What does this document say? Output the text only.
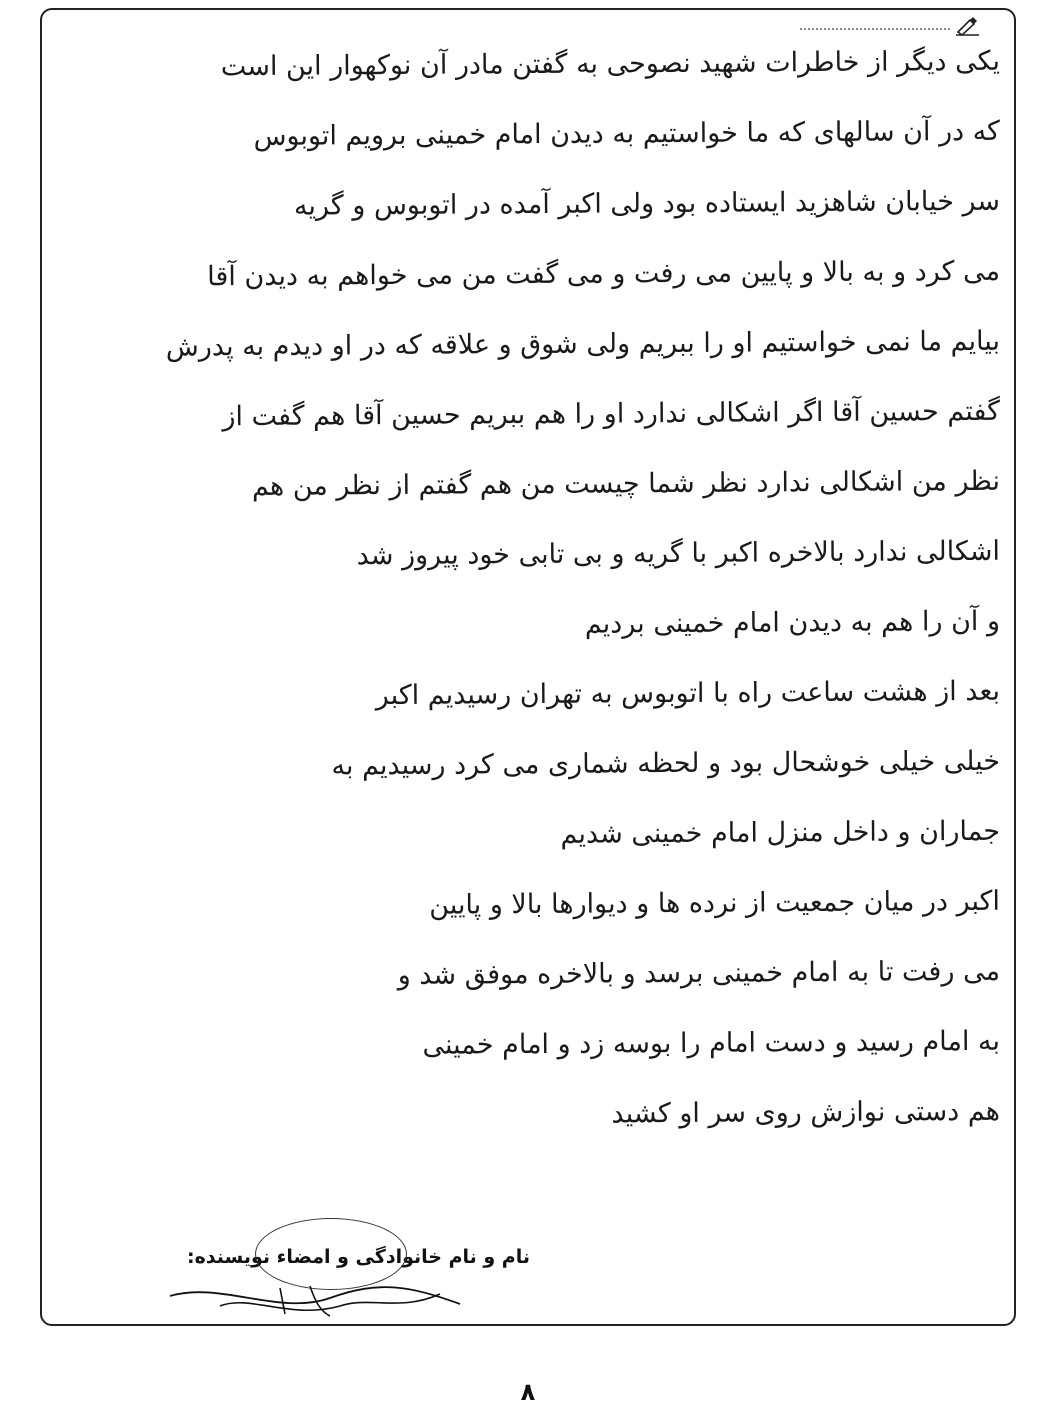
یکی دیگر از خاطرات شهید نصوحی به گفتن مادر آن نوکهوار این است
که در آن سالهای که ما خواستیم به دیدن امام خمینی برویم اتوبوس
سر خیابان شاهزید ایستاده بود ولی اکبر آمده در اتوبوس و گریه
می کرد و به بالا و پایین می رفت و می گفت من می خواهم به دیدن آقا
بیایم ما نمی خواستیم او را ببریم ولی شوق و علاقه که در او دیدم به پدرش
گفتم حسین آقا اگر اشکالی ندارد او را هم ببریم حسین آقا هم گفت از
نظر من اشکالی ندارد نظر شما چیست من هم گفتم از نظر من هم
اشکالی ندارد بالاخره اکبر با گریه و بی تابی خود پیروز شد
و آن را هم به دیدن امام خمینی بردیم
بعد از هشت ساعت راه با اتوبوس به تهران رسیدیم اکبر
خیلی خیلی خوشحال بود و لحظه شماری می کرد رسیدیم به
جماران و داخل منزل امام خمینی شدیم
اکبر در میان جمعیت از نرده ها و دیوارها بالا و پایین
می رفت تا به امام خمینی برسد و بالاخره موفق شد و
به امام رسید و دست امام را بوسه زد و امام خمینی
هم دستی نوازش روی سر او کشید
نام و نام خانوادگی و امضاء نویسنده:
۸
